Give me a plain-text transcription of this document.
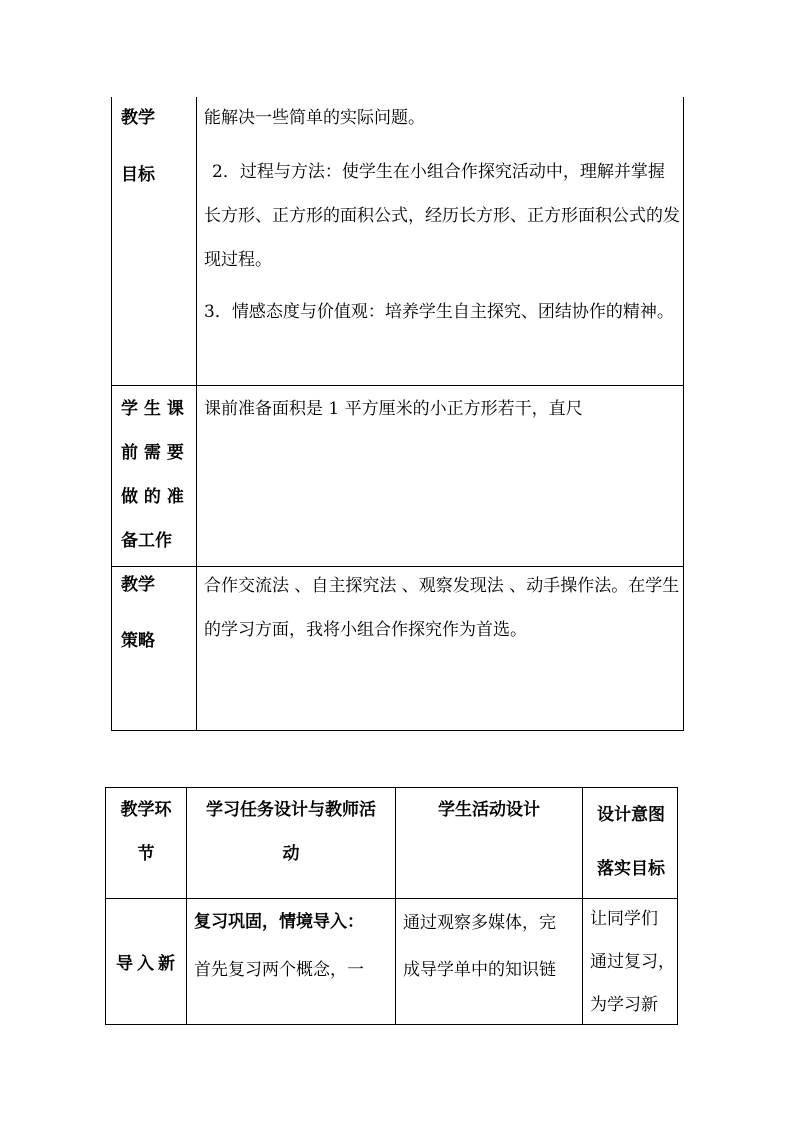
教学
目标

能解决一些简单的实际问题。

2．过程与方法：使学生在小组合作探究活动中，理解并掌握长方形、正方形的面积公式，经历长方形、正方形面积公式的发现过程。

3．情感态度与价值观：培养学生自主探究、团结协作的精神。

学 生 课
前 需 要
做 的 准
备工作

课前准备面积是 1 平方厘米的小正方形若干，直尺

教学
策略

合作交流法 、自主探究法 、观察发现法 、动手操作法。在学生的学习方面，我将小组合作探究作为首选。

教学环
节
学习任务设计与教师活
动
学生活动设计	设计意图
落实目标
导入新
复习巩固，情境导入：
首先复习两个概念，一
通过观察多媒体，完
成导学单中的知识链
让同学们
通过复习，
为学习新
